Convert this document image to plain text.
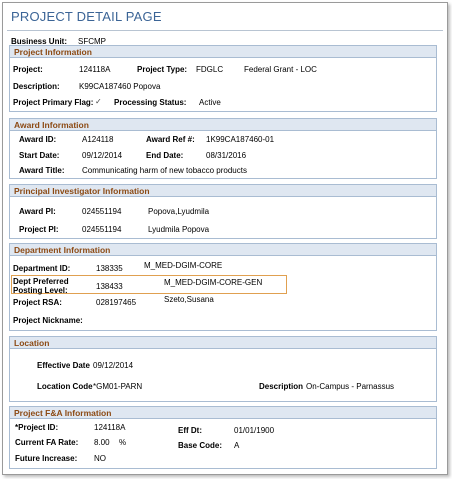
PROJECT DETAIL PAGE
Business Unit: SFCMP
Project Information
Project:	124118A	Project Type: FDGLC	Federal Grant - LOC
Description: K99CA187460 Popova
Project Primary Flag: ✓ Processing Status: Active
Award Information
Award ID:	A124118	Award Ref #: 1K99CA187460-01
Start Date:	09/12/2014	End Date:	08/31/2016
Award Title: Communicating harm of new tobacco products
Principal Investigator Information
Award PI:	024551194	Popova,Lyudmila
Project PI:	024551194	Lyudmila Popova
Department Information
Department ID:	138335	M_MED-DGIM-CORE
Dept Preferred
Posting Level:	138433	M_MED-DGIM-CORE-GEN
Project RSA:	028197465	Szeto,Susana
Project Nickname:
Location
Effective Date 09/12/2014
Location Code *GM01-PARN	Description On-Campus - Parnassus
Project F&A Information
*Project ID:	124118A	Eff Dt:	01/01/1900
Current FA Rate: 8.00 %	Base Code: A
Future Increase: NO
